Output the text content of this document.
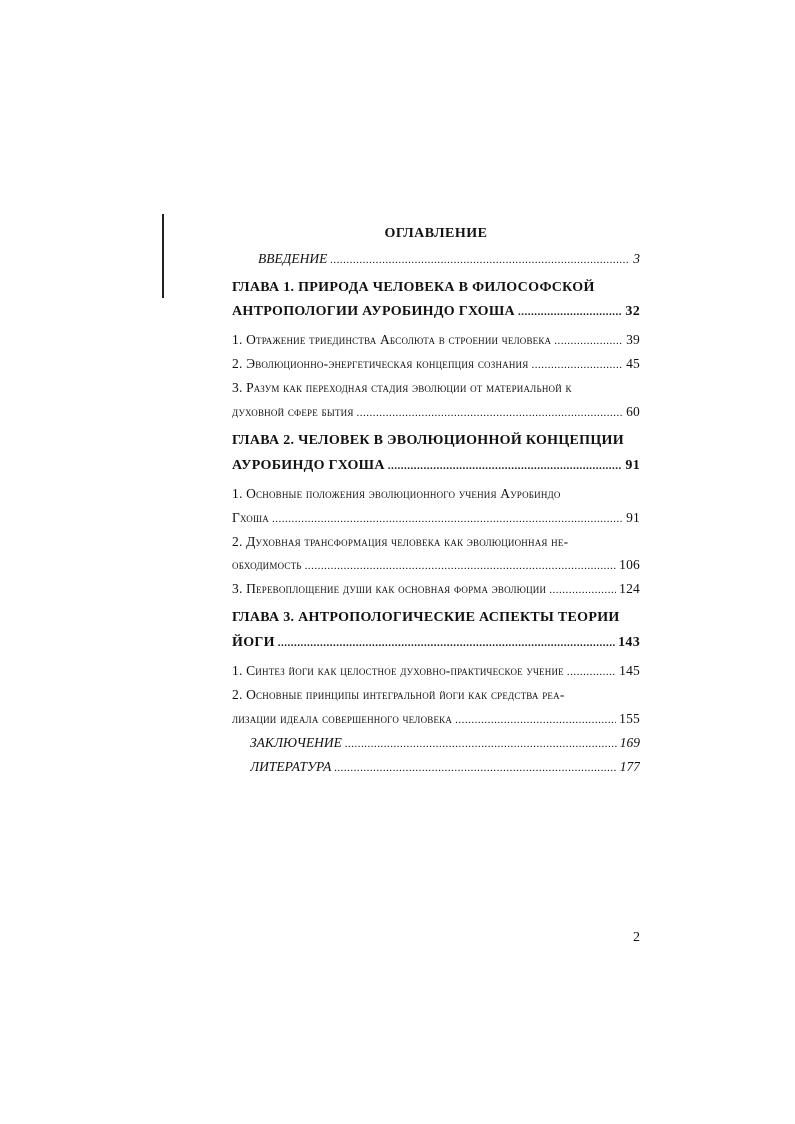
ОГЛАВЛЕНИЕ
ВВЕДЕНИЕ .....	3
ГЛАВА 1. ПРИРОДА ЧЕЛОВЕКА В ФИЛОСОФСКОЙ
АНТРОПОЛОГИИ АУРОБИНДО ГХОША .....	32
1. Отражение триединства Абсолюта в строении человека .....	39
2. Эволюционно-энергетическая концепция сознания .....	45
3. Разум как переходная стадия эволюции от материальной к
духовной сфере бытия .....	60
ГЛАВА 2. ЧЕЛОВЕК В ЭВОЛЮЦИОННОЙ КОНЦЕПЦИИ
АУРОБИНДО ГХОША .....	91
1. Основные положения эволюционного учения Ауробиндо
Гхоша .....	91
2. Духовная трансформация человека как эволюционная не-
обходимость .....	106
3. Перевоплощение души как основная форма эволюции .....	124
ГЛАВА 3. АНТРОПОЛОГИЧЕСКИЕ АСПЕКТЫ ТЕОРИИ
ЙОГИ .....	143
1. Синтез йоги как целостное духовно-практическое учение .....	145
2. Основные принципы интегральной йоги как средства реа-
лизации идеала совершенного человека .....	155
ЗАКЛЮЧЕНИЕ .....	169
ЛИТЕРАТУРА .....	177
2
